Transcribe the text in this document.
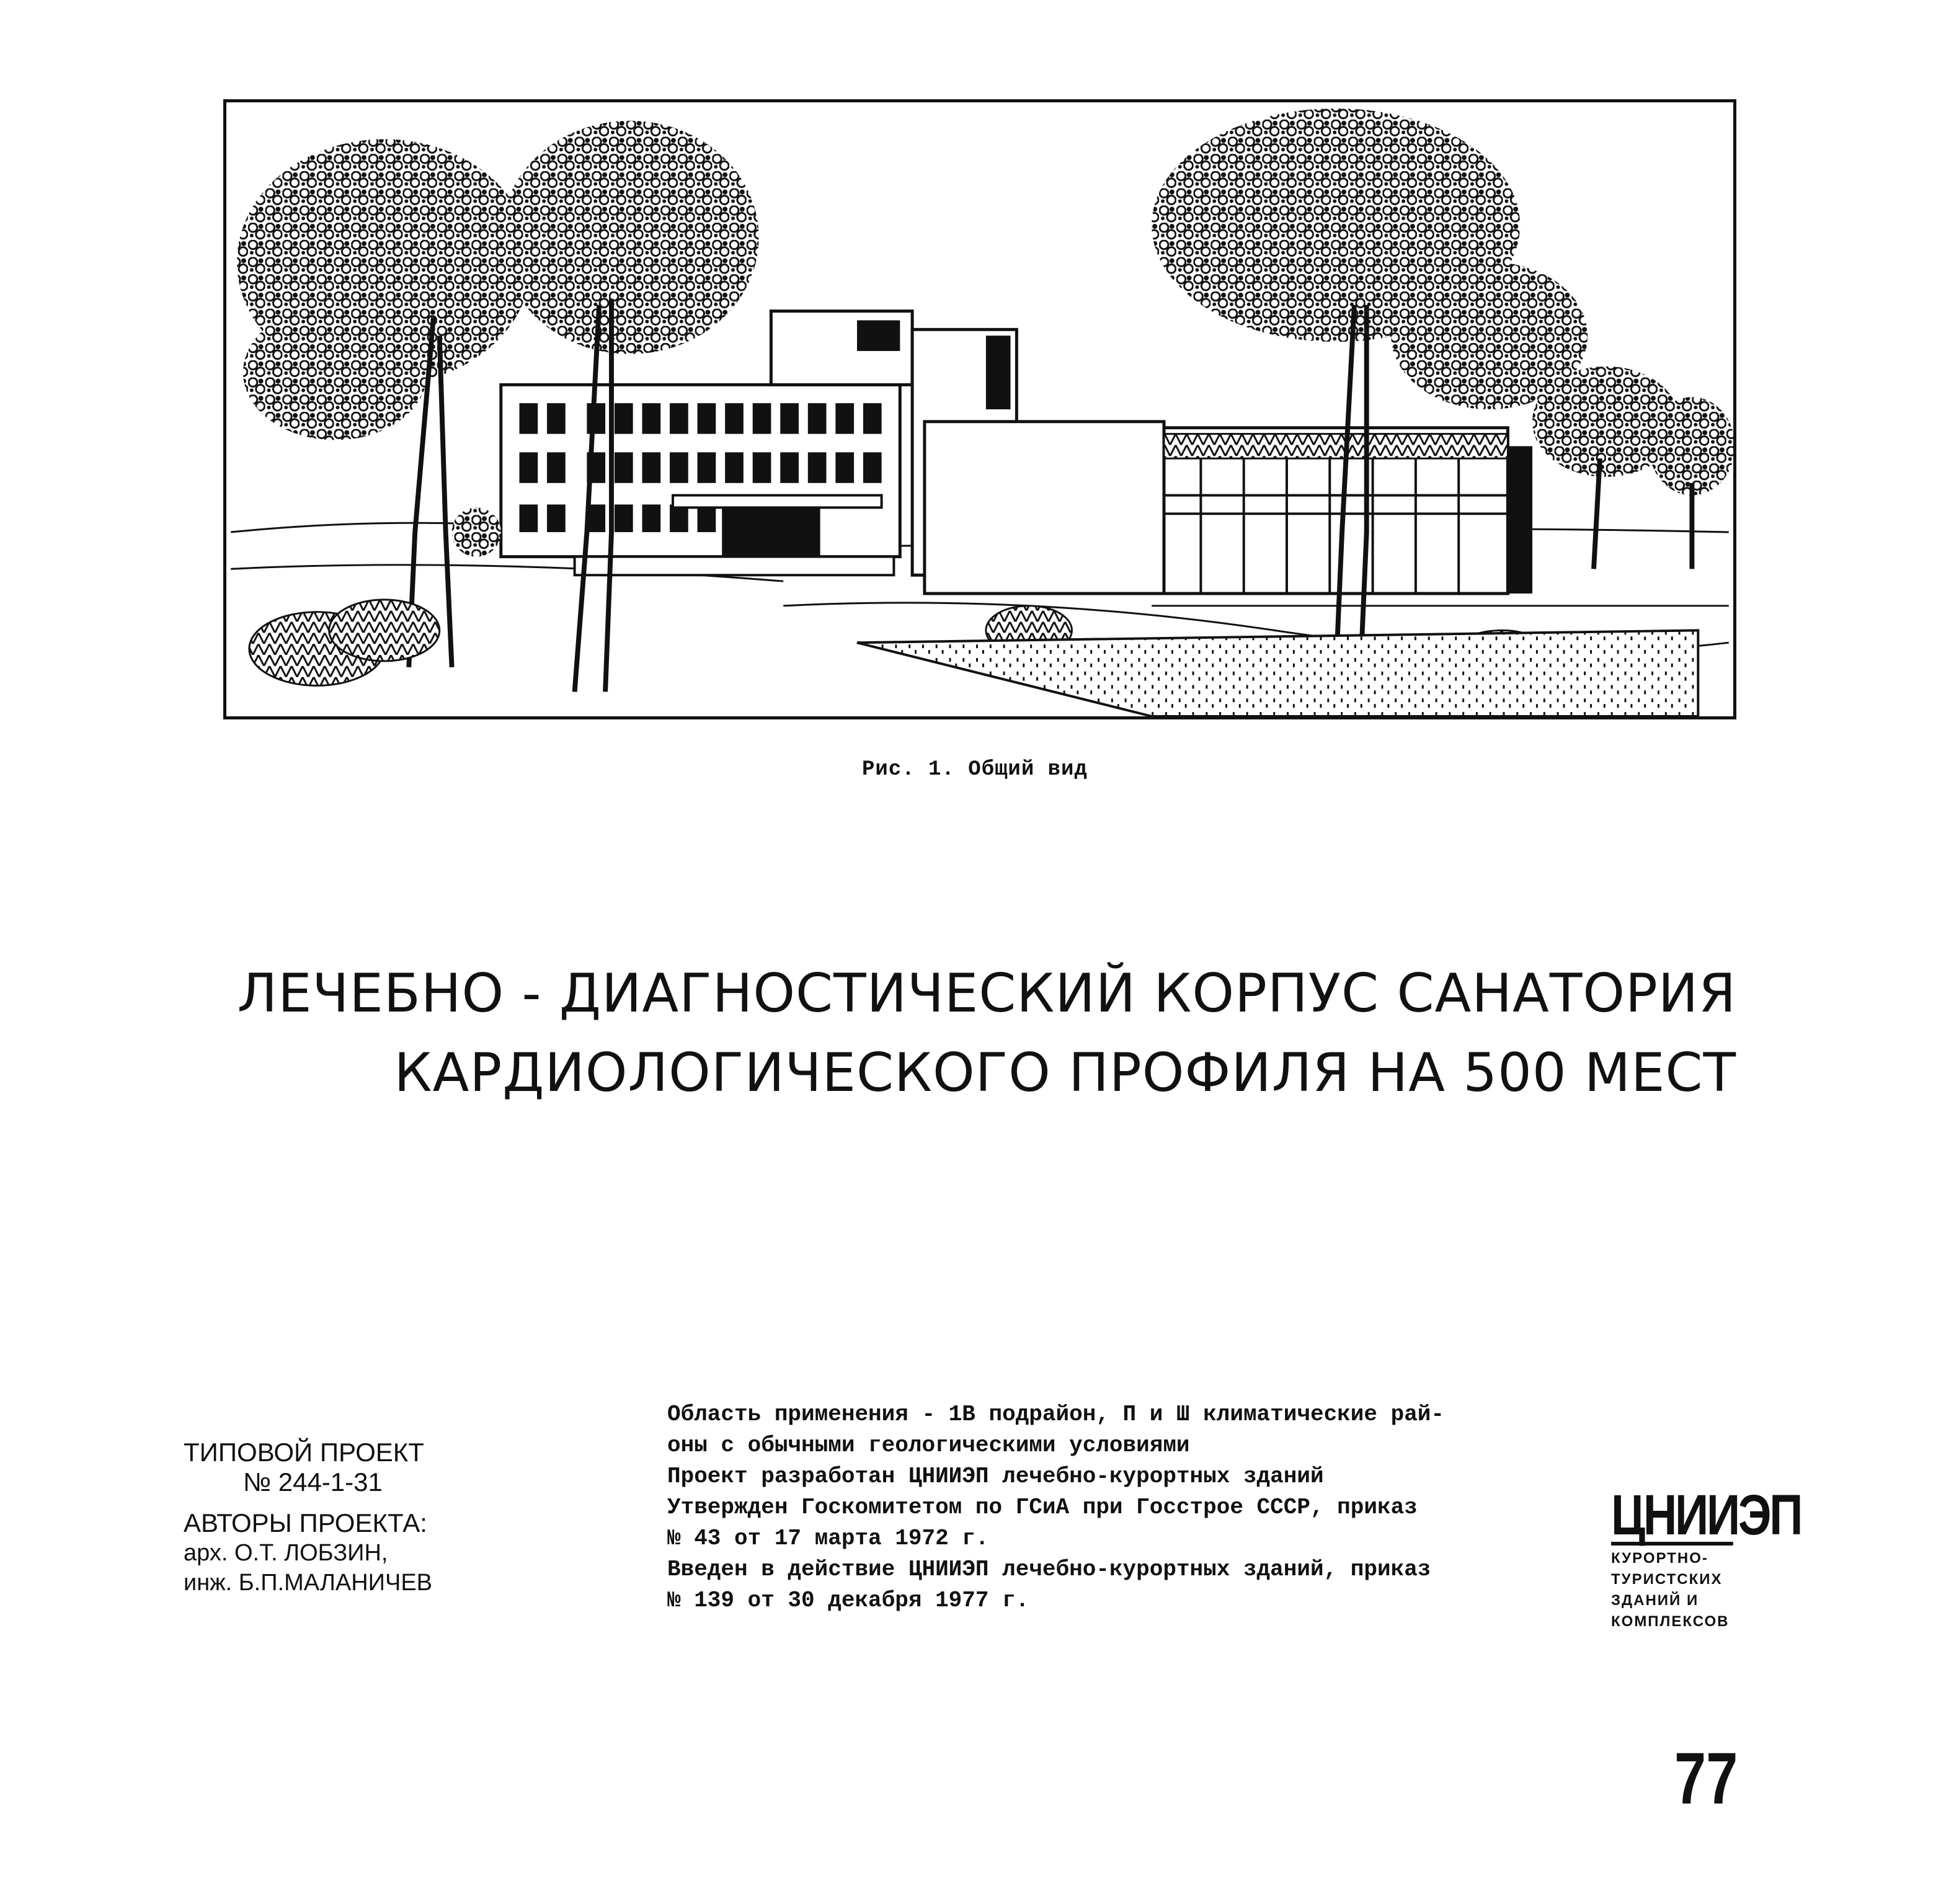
Рис. 1. Общий вид
ЛЕЧЕБНО - ДИАГНОСТИЧЕСКИЙ КОРПУС САНАТОРИЯ
КАРДИОЛОГИЧЕСКОГО ПРОФИЛЯ НА 500 МЕСТ
ТИПОВОЙ ПРОЕКТ
№ 244-1-31
АВТОРЫ ПРОЕКТА:
арх. О.Т. ЛОБЗИН,
инж. Б.П.МАЛАНИЧЕВ
Область применения - 1В подрайон, П и Ш климатические рай-
оны с обычными геологическими условиями
Проект разработан ЦНИИЭП лечебно-курортных зданий
Утвержден Госкомитетом по ГСиА при Госстрое СССР, приказ
№ 43 от 17 марта 1972 г.
Введен в действие ЦНИИЭП лечебно-курортных зданий, приказ
№ 139 от 30 декабря 1977 г.
ЦНИИЭП
КУРОРТНО-
ТУРИСТСКИХ
ЗДАНИЙ И
КОМПЛЕКСОВ
77
